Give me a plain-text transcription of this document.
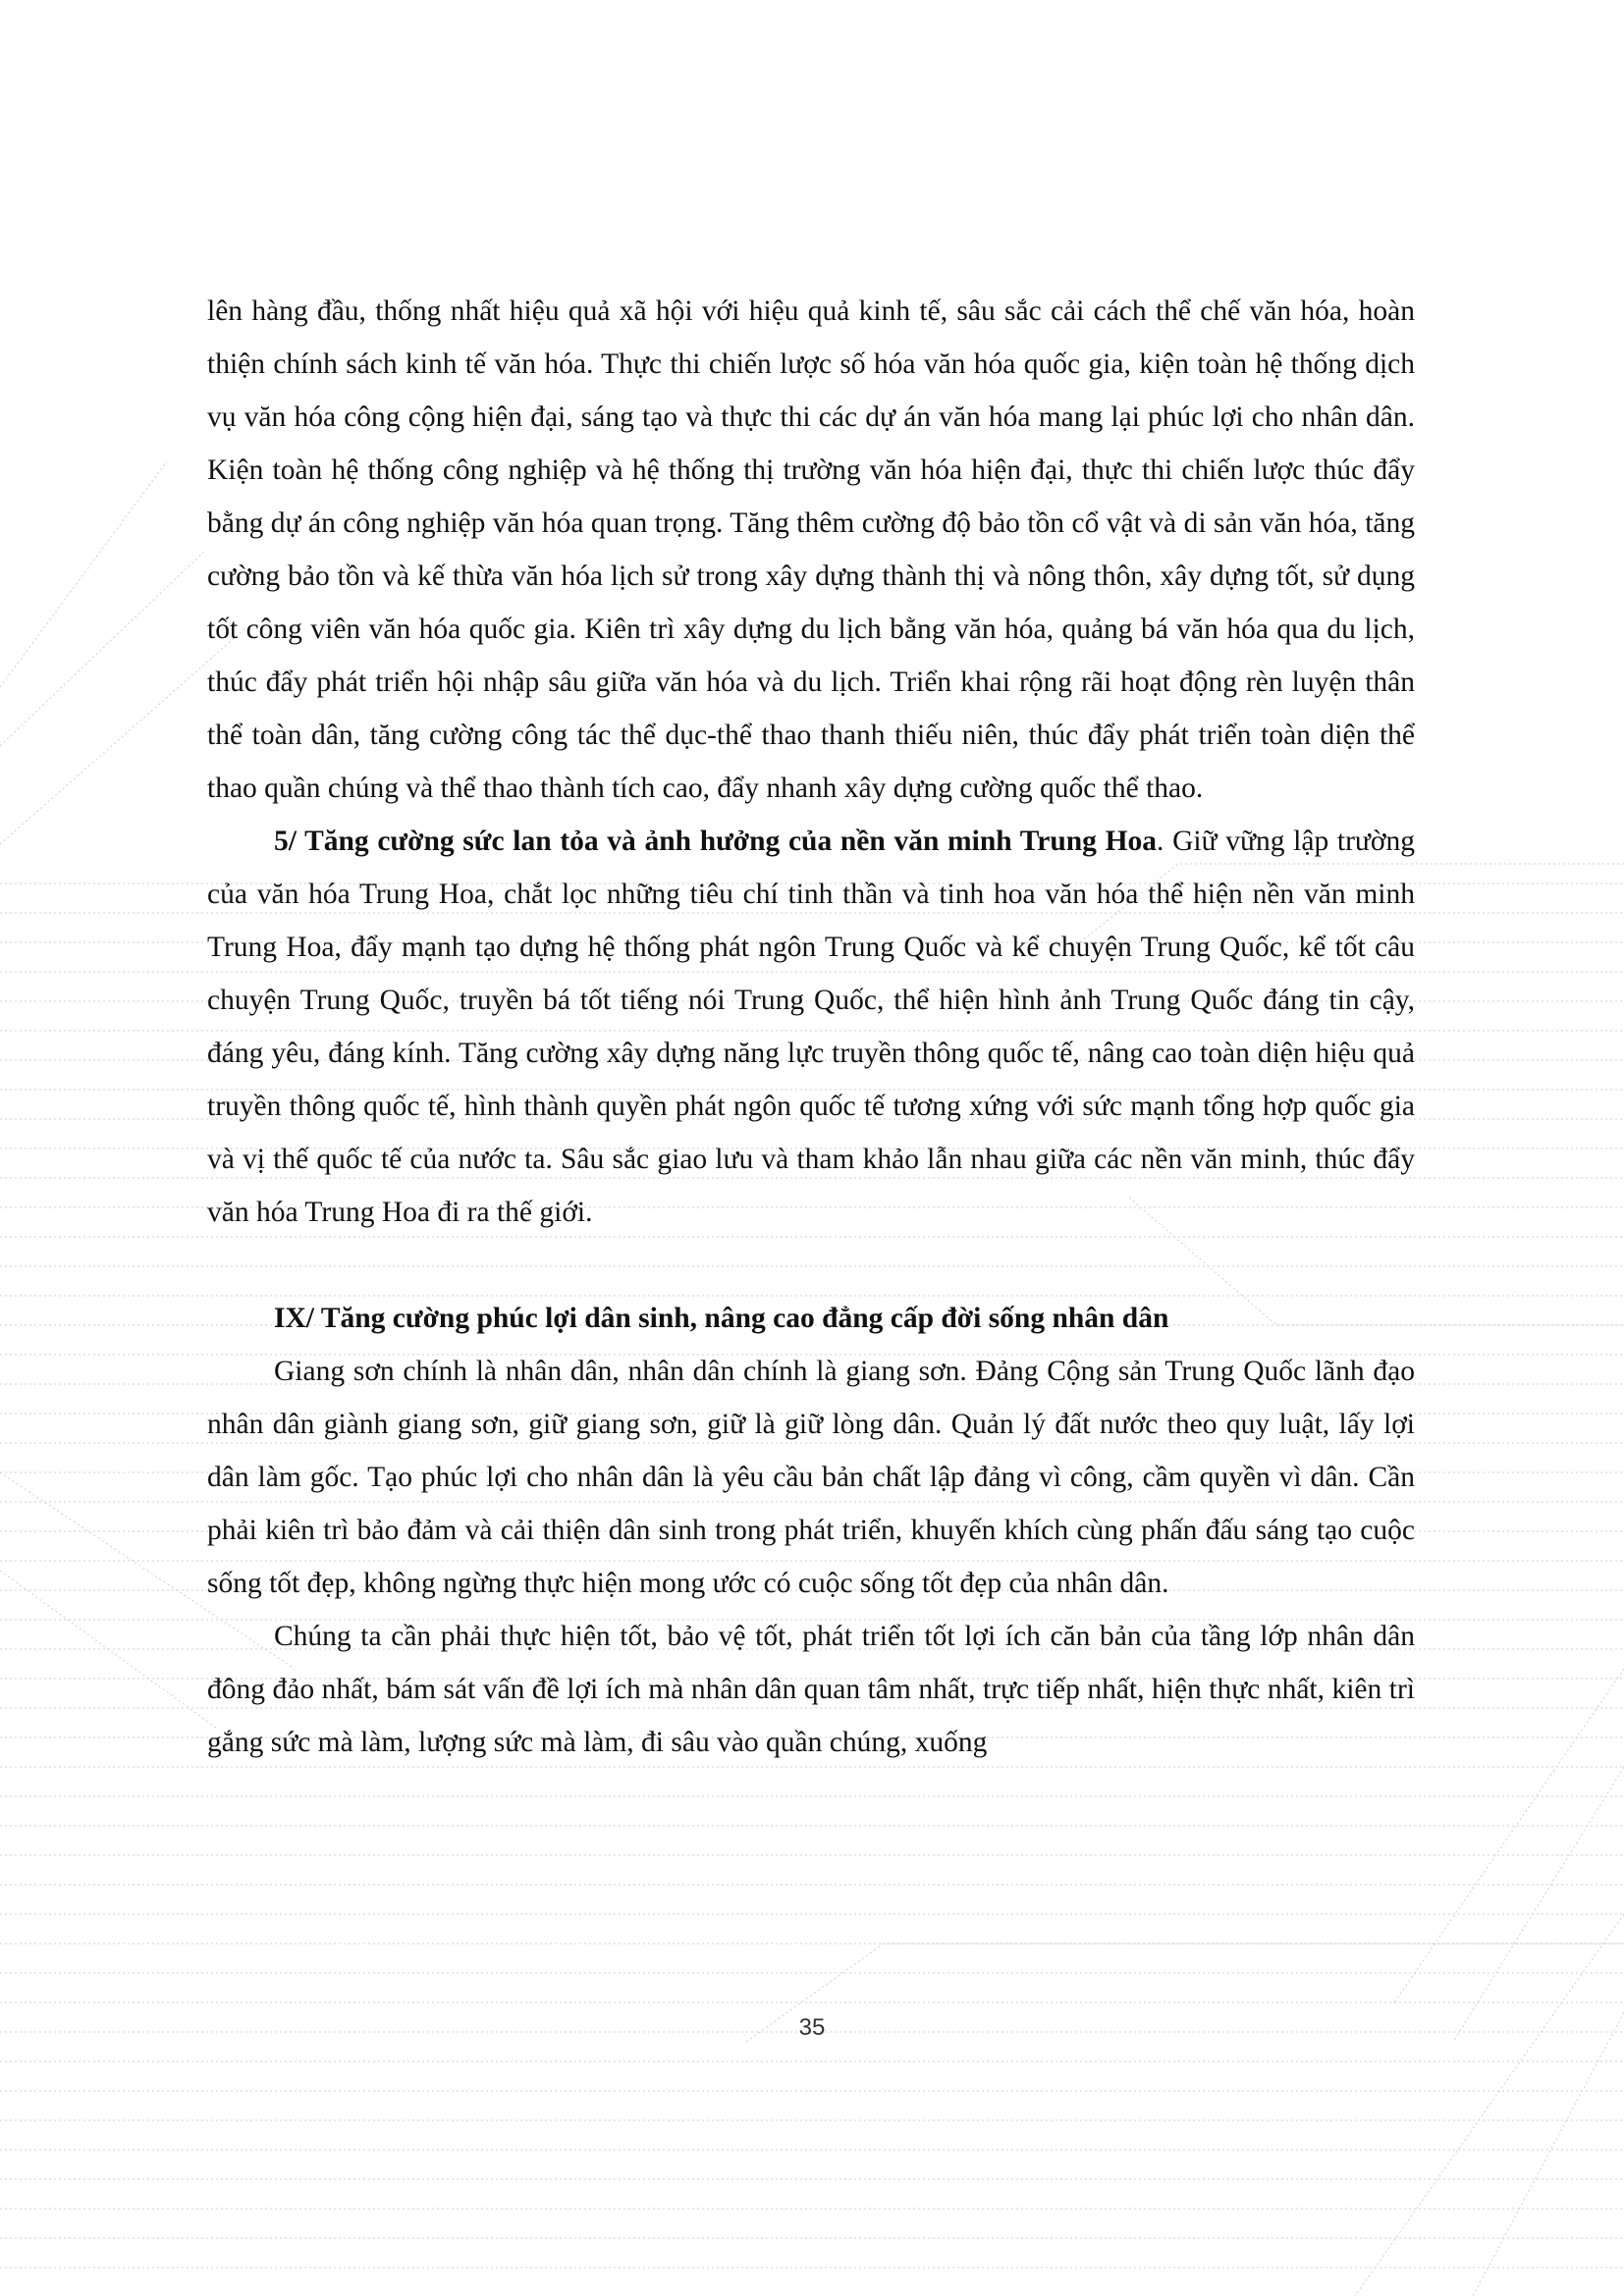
lên hàng đầu, thống nhất hiệu quả xã hội với hiệu quả kinh tế, sâu sắc cải cách thể chế văn hóa, hoàn thiện chính sách kinh tế văn hóa. Thực thi chiến lược số hóa văn hóa quốc gia, kiện toàn hệ thống dịch vụ văn hóa công cộng hiện đại, sáng tạo và thực thi các dự án văn hóa mang lại phúc lợi cho nhân dân. Kiện toàn hệ thống công nghiệp và hệ thống thị trường văn hóa hiện đại, thực thi chiến lược thúc đẩy bằng dự án công nghiệp văn hóa quan trọng. Tăng thêm cường độ bảo tồn cổ vật và di sản văn hóa, tăng cường bảo tồn và kế thừa văn hóa lịch sử trong xây dựng thành thị và nông thôn, xây dựng tốt, sử dụng tốt công viên văn hóa quốc gia. Kiên trì xây dựng du lịch bằng văn hóa, quảng bá văn hóa qua du lịch, thúc đẩy phát triển hội nhập sâu giữa văn hóa và du lịch. Triển khai rộng rãi hoạt động rèn luyện thân thể toàn dân, tăng cường công tác thể dục-thể thao thanh thiếu niên, thúc đẩy phát triển toàn diện thể thao quần chúng và thể thao thành tích cao, đẩy nhanh xây dựng cường quốc thể thao.

5/ Tăng cường sức lan tỏa và ảnh hưởng của nền văn minh Trung Hoa. Giữ vững lập trường của văn hóa Trung Hoa, chắt lọc những tiêu chí tinh thần và tinh hoa văn hóa thể hiện nền văn minh Trung Hoa, đẩy mạnh tạo dựng hệ thống phát ngôn Trung Quốc và kể chuyện Trung Quốc, kể tốt câu chuyện Trung Quốc, truyền bá tốt tiếng nói Trung Quốc, thể hiện hình ảnh Trung Quốc đáng tin cậy, đáng yêu, đáng kính. Tăng cường xây dựng năng lực truyền thông quốc tế, nâng cao toàn diện hiệu quả truyền thông quốc tế, hình thành quyền phát ngôn quốc tế tương xứng với sức mạnh tổng hợp quốc gia và vị thế quốc tế của nước ta. Sâu sắc giao lưu và tham khảo lẫn nhau giữa các nền văn minh, thúc đẩy văn hóa Trung Hoa đi ra thế giới.

IX/ Tăng cường phúc lợi dân sinh, nâng cao đẳng cấp đời sống nhân dân

Giang sơn chính là nhân dân, nhân dân chính là giang sơn. Đảng Cộng sản Trung Quốc lãnh đạo nhân dân giành giang sơn, giữ giang sơn, giữ là giữ lòng dân. Quản lý đất nước theo quy luật, lấy lợi dân làm gốc. Tạo phúc lợi cho nhân dân là yêu cầu bản chất lập đảng vì công, cầm quyền vì dân. Cần phải kiên trì bảo đảm và cải thiện dân sinh trong phát triển, khuyến khích cùng phấn đấu sáng tạo cuộc sống tốt đẹp, không ngừng thực hiện mong ước có cuộc sống tốt đẹp của nhân dân.

Chúng ta cần phải thực hiện tốt, bảo vệ tốt, phát triển tốt lợi ích căn bản của tầng lớp nhân dân đông đảo nhất, bám sát vấn đề lợi ích mà nhân dân quan tâm nhất, trực tiếp nhất, hiện thực nhất, kiên trì gắng sức mà làm, lượng sức mà làm, đi sâu vào quần chúng, xuống

35
